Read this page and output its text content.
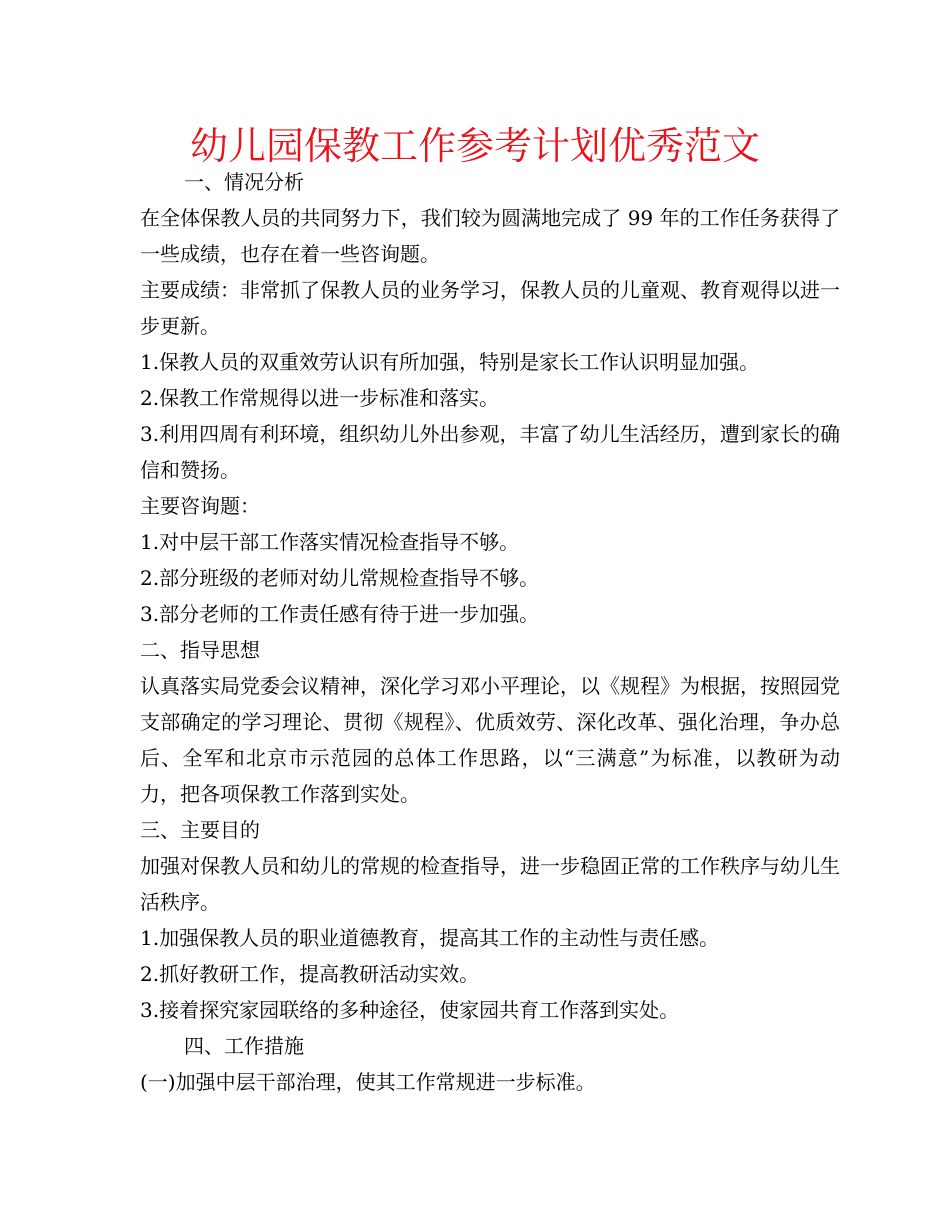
幼儿园保教工作参考计划优秀范文

一、情况分析

在全体保教人员的共同努力下，我们较为圆满地完成了 99 年的工作任务获得了一些成绩，也存在着一些咨询题。

主要成绩：非常抓了保教人员的业务学习，保教人员的儿童观、教育观得以进一步更新。

1.保教人员的双重效劳认识有所加强，特别是家长工作认识明显加强。

2.保教工作常规得以进一步标准和落实。

3.利用四周有利环境，组织幼儿外出参观，丰富了幼儿生活经历，遭到家长的确信和赞扬。

主要咨询题：

1.对中层干部工作落实情况检查指导不够。

2.部分班级的老师对幼儿常规检查指导不够。

3.部分老师的工作责任感有待于进一步加强。

二、指导思想

认真落实局党委会议精神，深化学习邓小平理论，以《规程》为根据，按照园党支部确定的学习理论、贯彻《规程》、优质效劳、深化改革、强化治理，争办总后、全军和北京市示范园的总体工作思路，以“三满意”为标准，以教研为动力，把各项保教工作落到实处。

三、主要目的

加强对保教人员和幼儿的常规的检查指导，进一步稳固正常的工作秩序与幼儿生活秩序。

1.加强保教人员的职业道德教育，提高其工作的主动性与责任感。

2.抓好教研工作，提高教研活动实效。

3.接着探究家园联络的多种途径，使家园共育工作落到实处。

四、工作措施

(一)加强中层干部治理，使其工作常规进一步标准。
